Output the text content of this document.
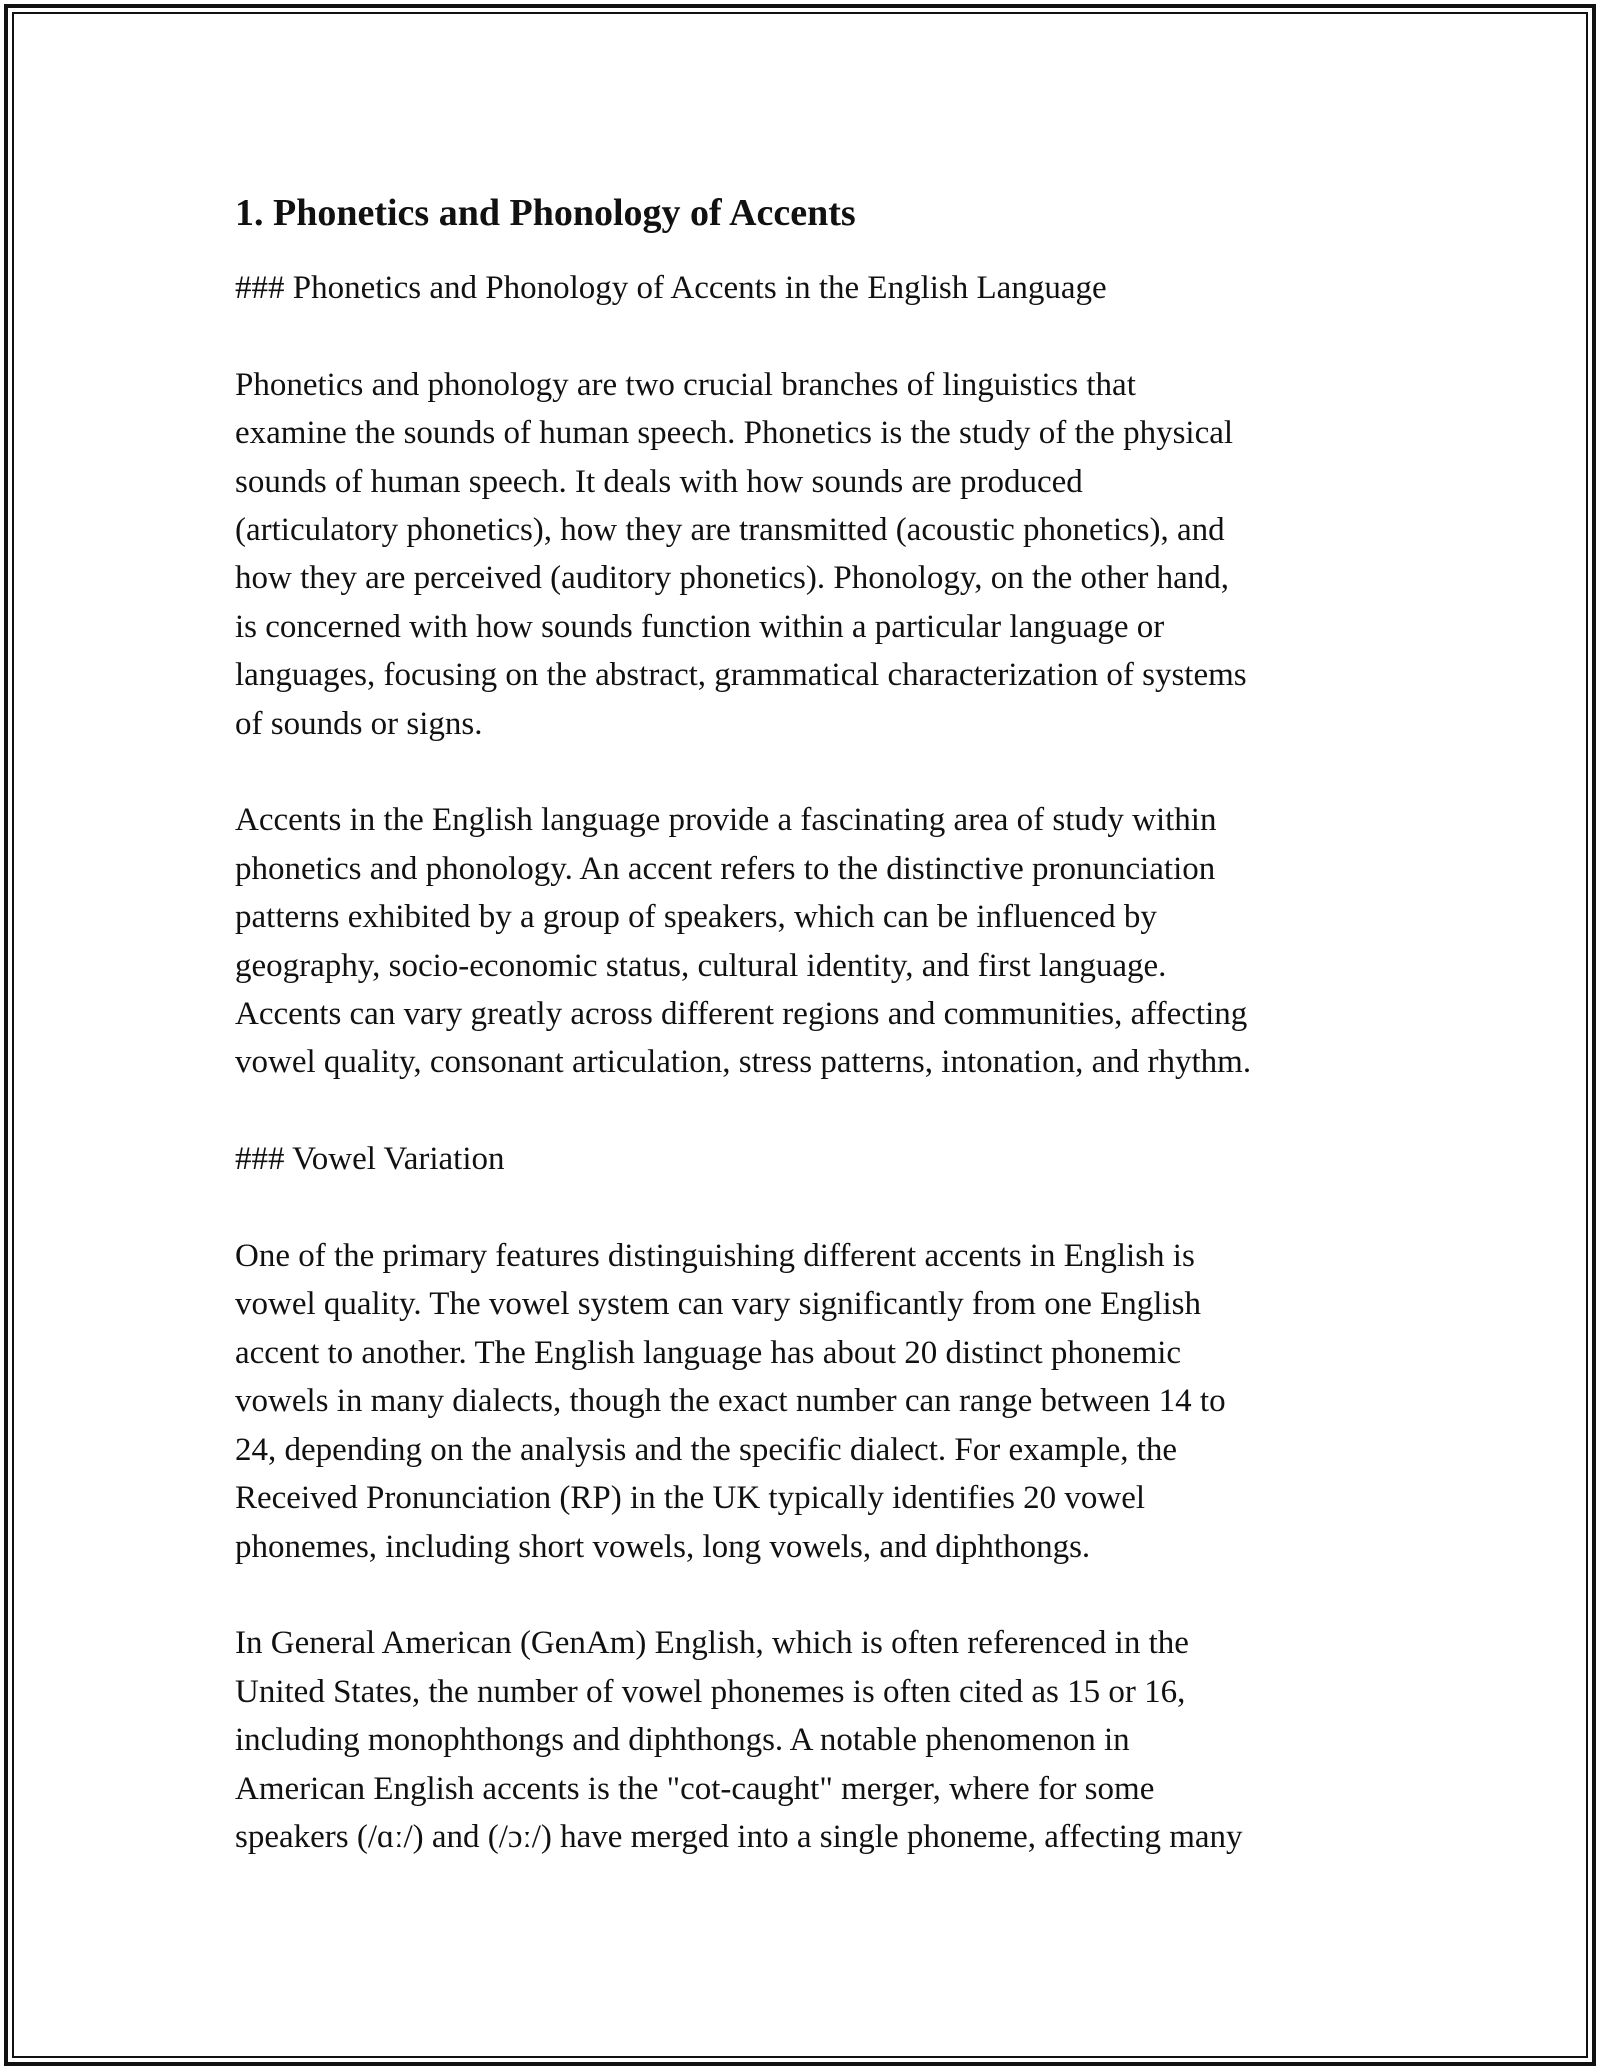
1. Phonetics and Phonology of Accents

### Phonetics and Phonology of Accents in the English Language

Phonetics and phonology are two crucial branches of linguistics that

examine the sounds of human speech. Phonetics is the study of the physical

sounds of human speech. It deals with how sounds are produced

(articulatory phonetics), how they are transmitted (acoustic phonetics), and

how they are perceived (auditory phonetics). Phonology, on the other hand,

is concerned with how sounds function within a particular language or

languages, focusing on the abstract, grammatical characterization of systems

of sounds or signs.

Accents in the English language provide a fascinating area of study within

phonetics and phonology. An accent refers to the distinctive pronunciation

patterns exhibited by a group of speakers, which can be influenced by

geography, socio-economic status, cultural identity, and first language.

Accents can vary greatly across different regions and communities, affecting

vowel quality, consonant articulation, stress patterns, intonation, and rhythm.

### Vowel Variation

One of the primary features distinguishing different accents in English is

vowel quality. The vowel system can vary significantly from one English

accent to another. The English language has about 20 distinct phonemic

vowels in many dialects, though the exact number can range between 14 to

24, depending on the analysis and the specific dialect. For example, the

Received Pronunciation (RP) in the UK typically identifies 20 vowel

phonemes, including short vowels, long vowels, and diphthongs.

In General American (GenAm) English, which is often referenced in the

United States, the number of vowel phonemes is often cited as 15 or 16,

including monophthongs and diphthongs. A notable phenomenon in

American English accents is the "cot-caught" merger, where for some

speakers (/ɑː/) and (/ɔː/) have merged into a single phoneme, affecting many
